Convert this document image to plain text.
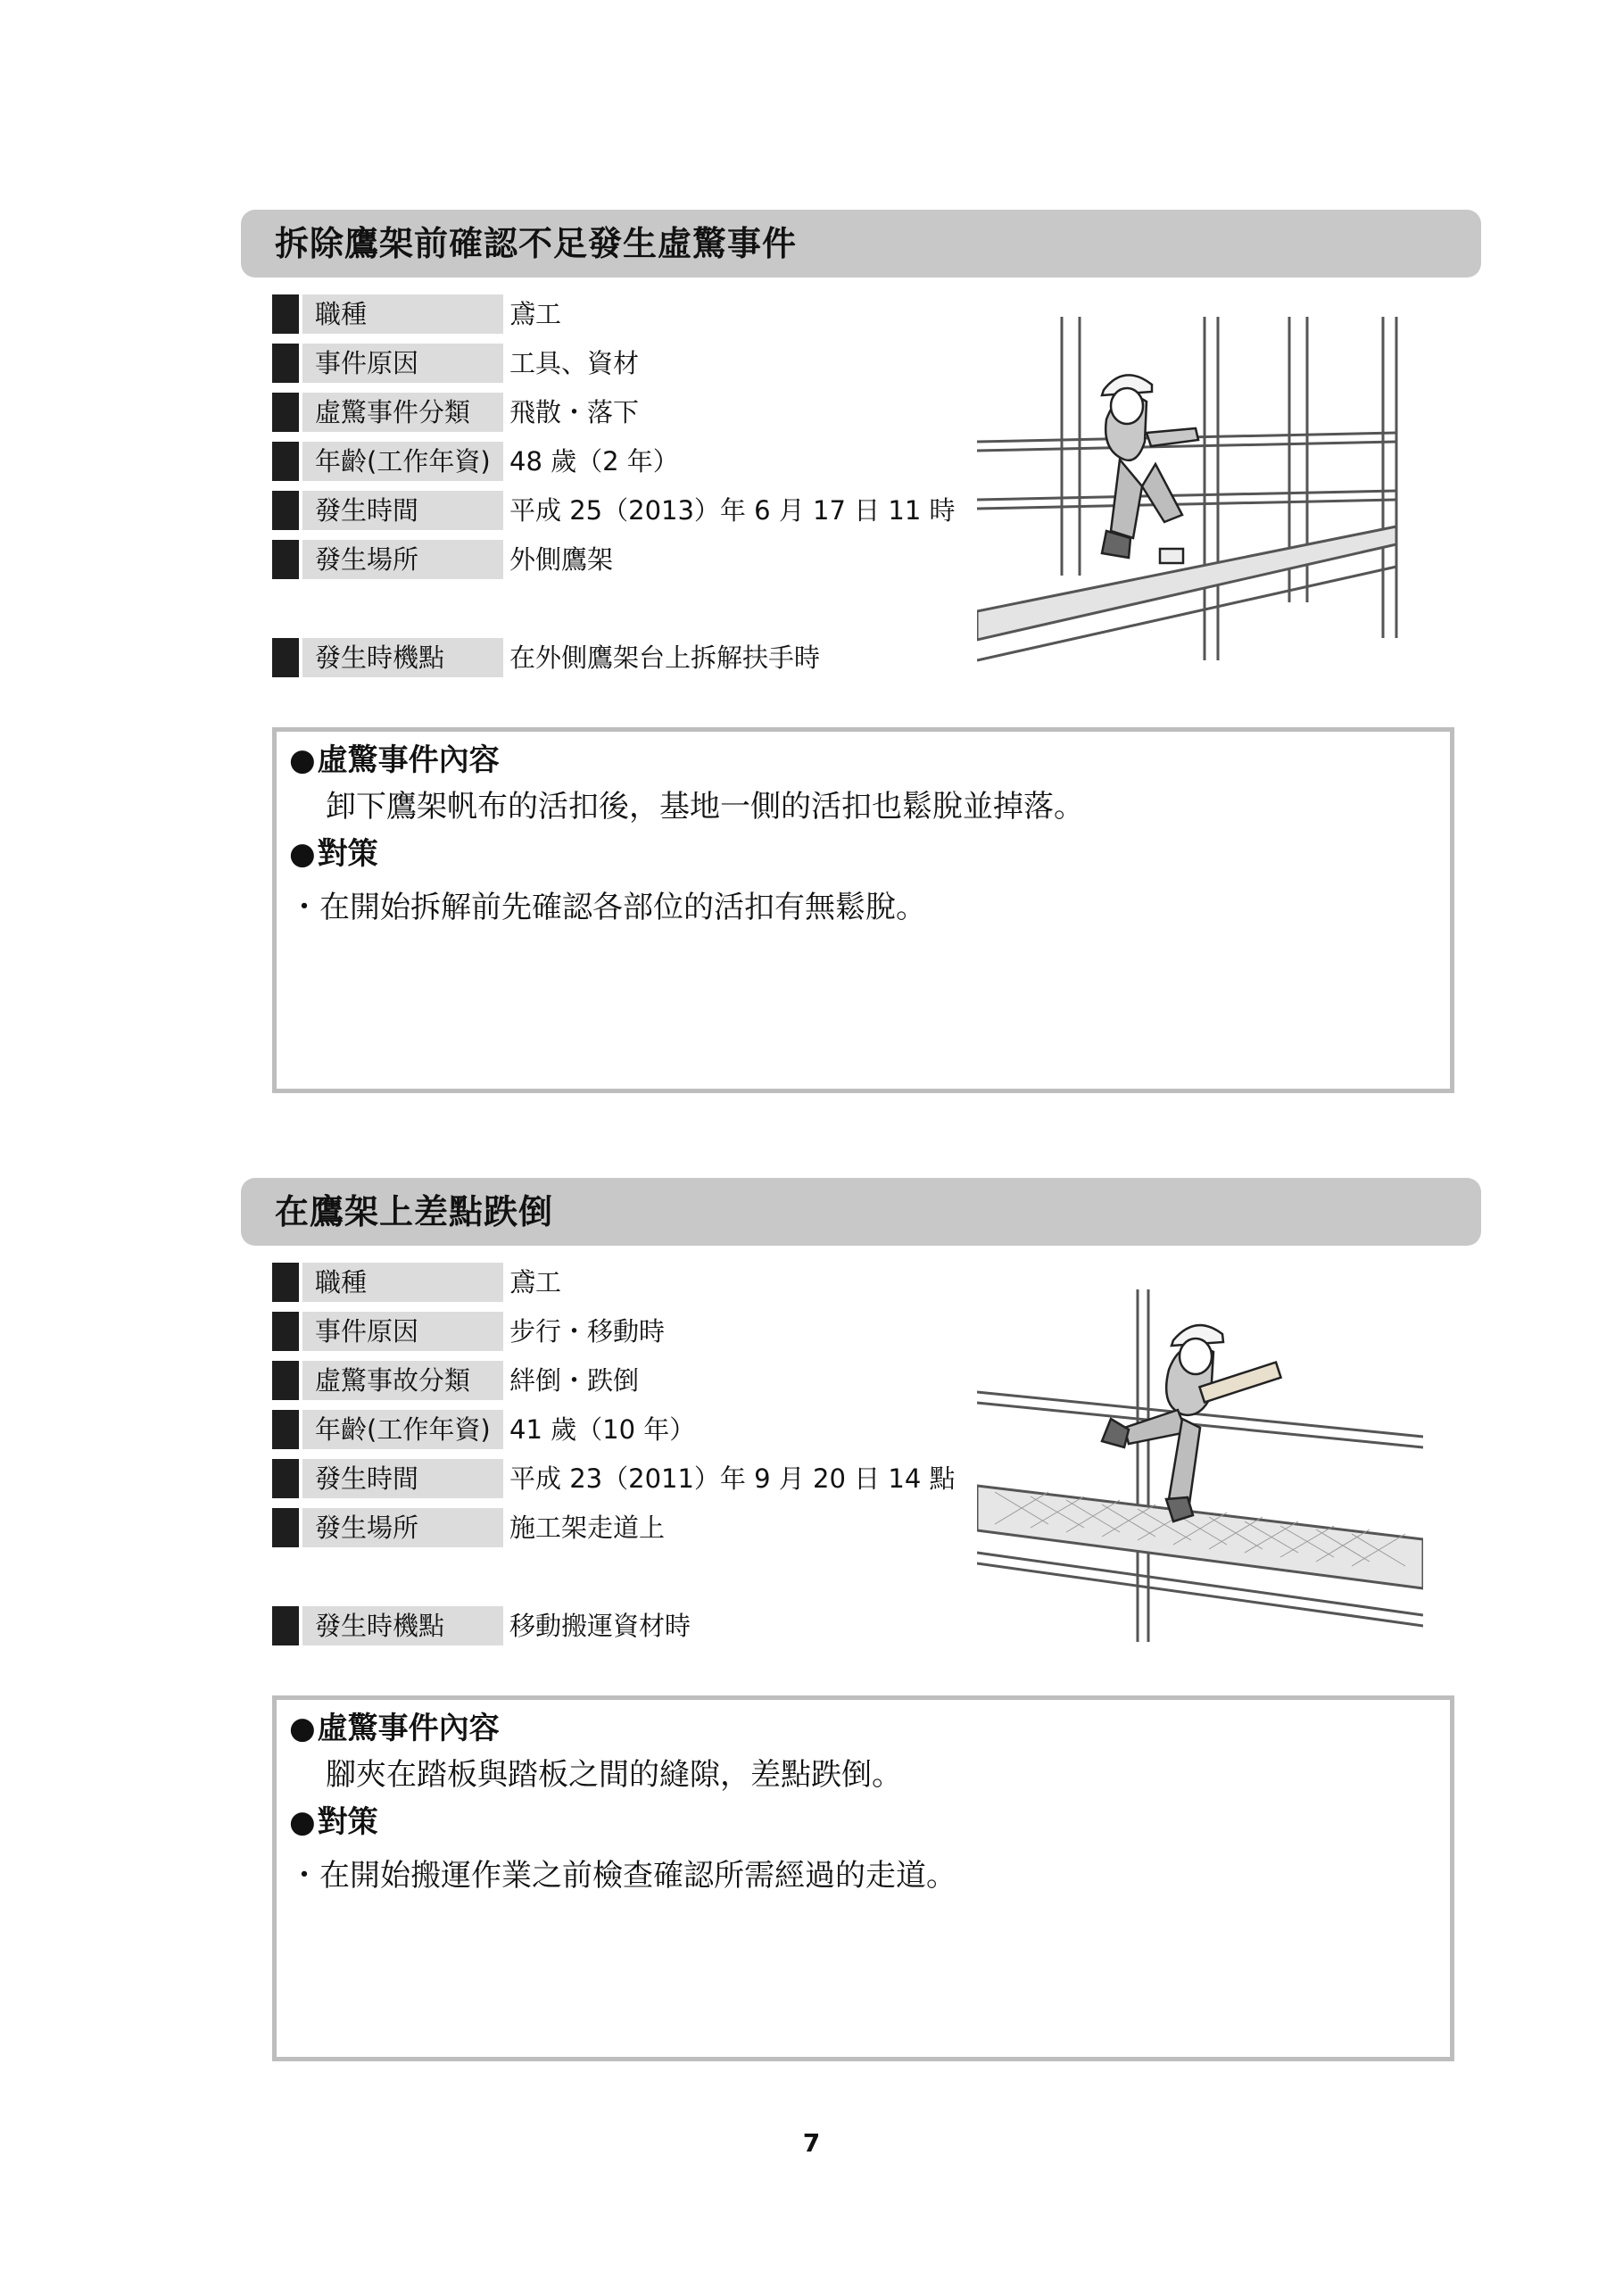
拆除鷹架前確認不足發生虛驚事件
職種	鳶工
事件原因	工具、資材
虛驚事件分類	飛散・落下
年齡(工作年資) 48 歲（2 年）
發生時間	平成 25（2013）年 6 月 17 日 11 時
發生場所	外側鷹架
發生時機點	在外側鷹架台上拆解扶手時
●虛驚事件內容
卸下鷹架帆布的活扣後，基地一側的活扣也鬆脫並掉落。
●對策
・在開始拆解前先確認各部位的活扣有無鬆脫。
在鷹架上差點跌倒
職種	鳶工
事件原因	步行・移動時
虛驚事故分類	絆倒・跌倒
年齡(工作年資) 41 歲（10 年）
發生時間	平成 23（2011）年 9 月 20 日 14 點
發生場所	施工架走道上
發生時機點	移動搬運資材時
●虛驚事件內容
腳夾在踏板與踏板之間的縫隙，差點跌倒。
●對策
・在開始搬運作業之前檢查確認所需經過的走道。
7
